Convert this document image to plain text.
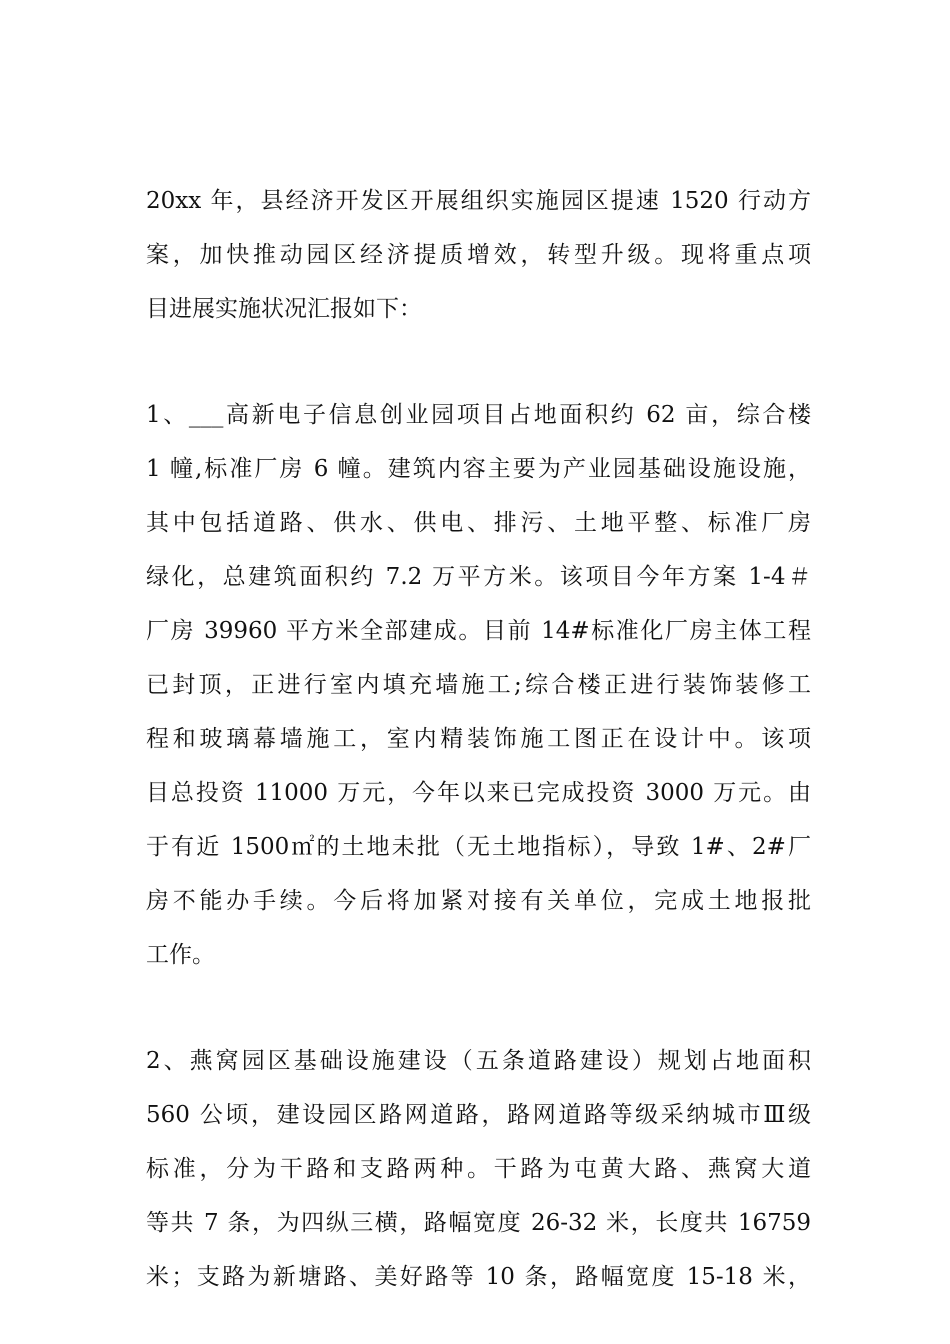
20xx 年，县经济开发区开展组织实施园区提速 1520 行动方
案，加快推动园区经济提质增效，转型升级。现将重点项
目进展实施状况汇报如下：
1、___高新电子信息创业园项目占地面积约 62 亩，综合楼
1 幢,标准厂房 6 幢。建筑内容主要为产业园基础设施设施，
其中包括道路、供水、供电、排污、土地平整、标准厂房
绿化，总建筑面积约 7.2 万平方米。该项目今年方案 1-4＃
厂房 39960 平方米全部建成。目前 14#标准化厂房主体工程
已封顶，正进行室内填充墙施工;综合楼正进行装饰装修工
程和玻璃幕墙施工，室内精装饰施工图正在设计中。该项
目总投资 11000 万元，今年以来已完成投资 3000 万元。由
于有近 1500㎡的土地未批（无土地指标），导致 1#、2#厂
房不能办手续。今后将加紧对接有关单位，完成土地报批
工作。
2、燕窝园区基础设施建设（五条道路建设）规划占地面积
560 公顷，建设园区路网道路，路网道路等级采纳城市Ⅲ级
标准，分为干路和支路两种。干路为屯黄大路、燕窝大道
等共 7 条，为四纵三横，路幅宽度 26-32 米，长度共 16759
米；支路为新塘路、美好路等 10 条，路幅宽度 15-18 米，
